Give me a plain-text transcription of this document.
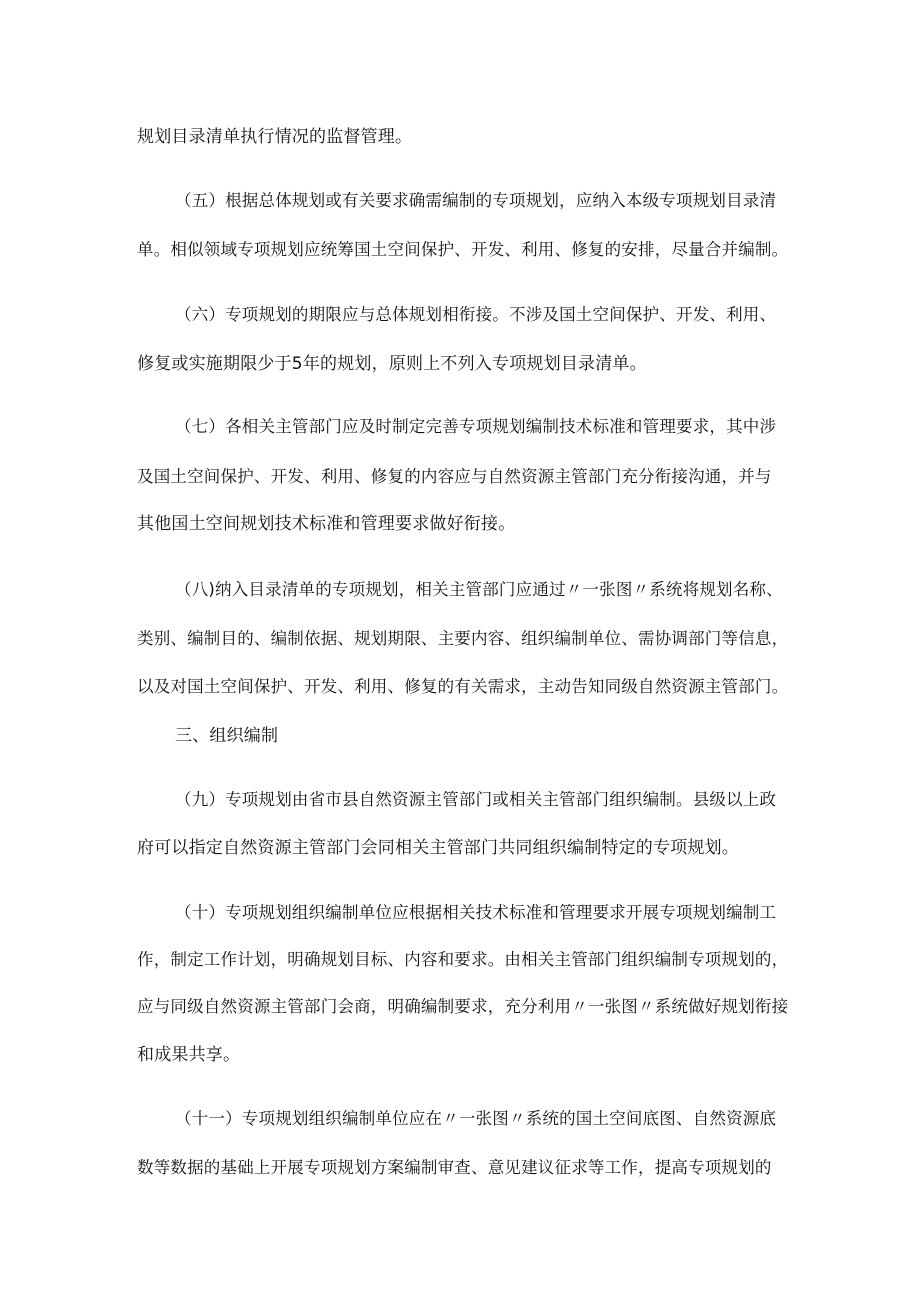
规划目录清单执行情况的监督管理。

（五）根据总体规划或有关要求确需编制的专项规划，应纳入本级专项规划目录清

单。相似领域专项规划应统筹国土空间保护、开发、利用、修复的安排，尽量合并编制。

（六）专项规划的期限应与总体规划相衔接。不涉及国土空间保护、开发、利用、

修复或实施期限少于5年的规划，原则上不列入专项规划目录清单。

（七）各相关主管部门应及时制定完善专项规划编制技术标准和管理要求，其中涉

及国土空间保护、开发、利用、修复的内容应与自然资源主管部门充分衔接沟通，并与

其他国土空间规划技术标准和管理要求做好衔接。

（八)纳入目录清单的专项规划，相关主管部门应通过〃一张图〃系统将规划名称、

类别、编制目的、编制依据、规划期限、主要内容、组织编制单位、需协调部门等信息，

以及对国土空间保护、开发、利用、修复的有关需求，主动告知同级自然资源主管部门。

三、组织编制

（九）专项规划由省市县自然资源主管部门或相关主管部门组织编制。县级以上政

府可以指定自然资源主管部门会同相关主管部门共同组织编制特定的专项规划。

（十）专项规划组织编制单位应根据相关技术标准和管理要求开展专项规划编制工

作，制定工作计划，明确规划目标、内容和要求。由相关主管部门组织编制专项规划的，

应与同级自然资源主管部门会商，明确编制要求，充分利用〃一张图〃系统做好规划衔接

和成果共享。

（十一）专项规划组织编制单位应在〃一张图〃系统的国土空间底图、自然资源底

数等数据的基础上开展专项规划方案编制审查、意见建议征求等工作，提高专项规划的
